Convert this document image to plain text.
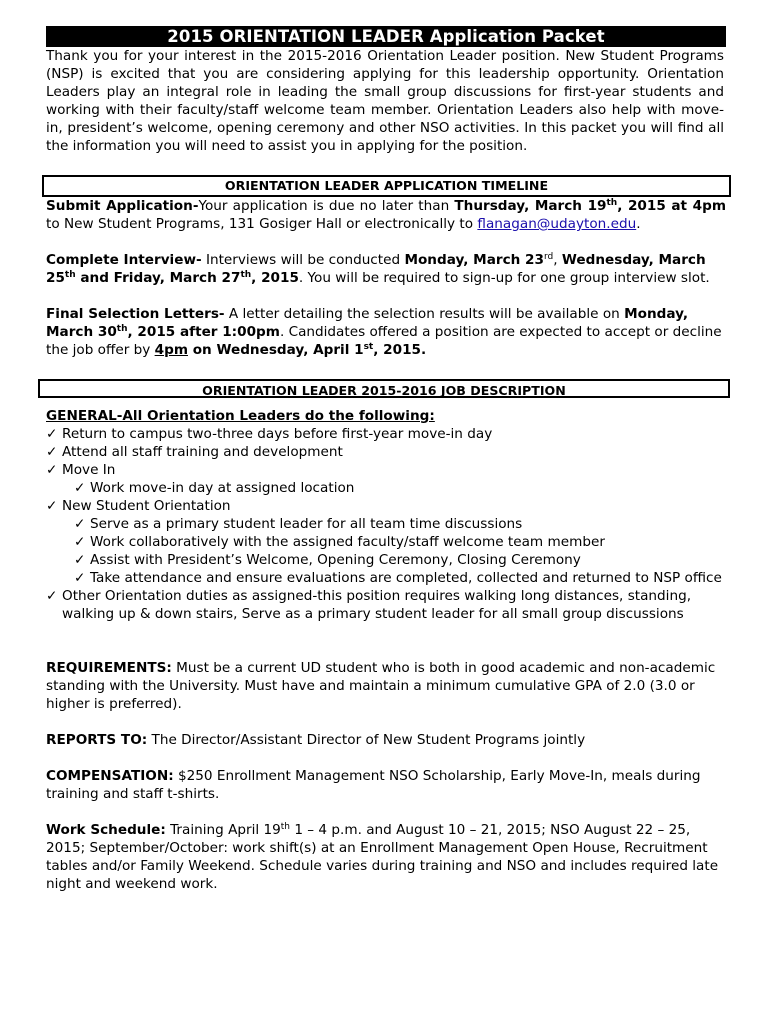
2015 ORIENTATION LEADER Application Packet

Thank you for your interest in the 2015-2016 Orientation Leader position. New Student Programs (NSP) is excited that you are considering applying for this leadership opportunity. Orientation Leaders play an integral role in leading the small group discussions for first-year students and working with their faculty/staff welcome team member. Orientation Leaders also help with move-in, president’s welcome, opening ceremony and other NSO activities. In this packet you will find all the information you will need to assist you in applying for the position.

ORIENTATION LEADER APPLICATION TIMELINE

Submit Application-Your application is due no later than Thursday, March 19th, 2015 at 4pm to New Student Programs, 131 Gosiger Hall or electronically to flanagan@udayton.edu.

Complete Interview- Interviews will be conducted Monday, March 23rd, Wednesday, March 25th and Friday, March 27th, 2015. You will be required to sign-up for one group interview slot.

Final Selection Letters- A letter detailing the selection results will be available on Monday, March 30th, 2015 after 1:00pm. Candidates offered a position are expected to accept or decline the job offer by 4pm on Wednesday, April 1st, 2015.

ORIENTATION LEADER 2015-2016 JOB DESCRIPTION

GENERAL-All Orientation Leaders do the following:

✓ Return to campus two-three days before first-year move-in day
✓ Attend all staff training and development
✓ Move In
✓ Work move-in day at assigned location
✓ New Student Orientation
✓ Serve as a primary student leader for all team time discussions
✓ Work collaboratively with the assigned faculty/staff welcome team member
✓ Assist with President’s Welcome, Opening Ceremony, Closing Ceremony
✓ Take attendance and ensure evaluations are completed, collected and returned to NSP office
✓ Other Orientation duties as assigned-this position requires walking long distances, standing, walking up & down stairs, Serve as a primary student leader for all small group discussions

REQUIREMENTS: Must be a current UD student who is both in good academic and non-academic standing with the University. Must have and maintain a minimum cumulative GPA of 2.0 (3.0 or higher is preferred).

REPORTS TO: The Director/Assistant Director of New Student Programs jointly

COMPENSATION: $250 Enrollment Management NSO Scholarship, Early Move-In, meals during training and staff t-shirts.

Work Schedule: Training April 19th 1 – 4 p.m. and August 10 – 21, 2015; NSO August 22 – 25, 2015; September/October: work shift(s) at an Enrollment Management Open House, Recruitment tables and/or Family Weekend. Schedule varies during training and NSO and includes required late night and weekend work.
